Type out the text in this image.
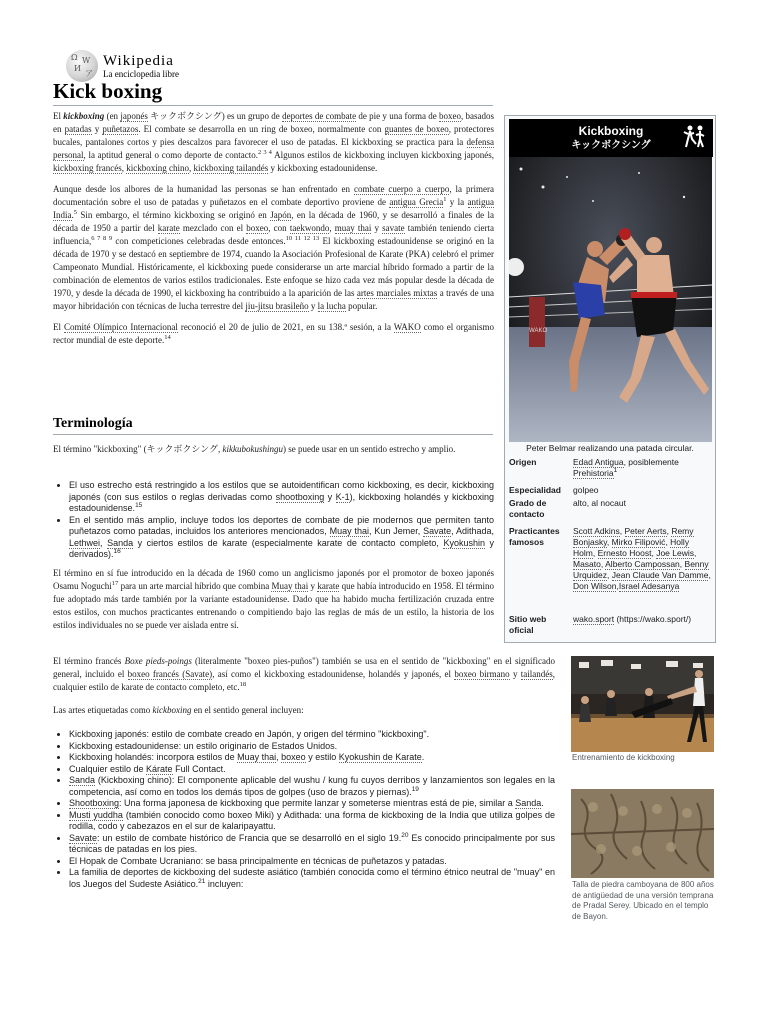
Ω W
И
ア
Wikipedia
La enciclopedia libre
Kick boxing

El kickboxing (en japonés キックボクシング) es un grupo de deportes de combate de pie y una forma de boxeo, basados en patadas y puñetazos. El combate se desarrolla en un ring de boxeo, normalmente con guantes de boxeo, protectores bucales, pantalones cortos y pies descalzos para favorecer el uso de patadas. El kickboxing se practica para la defensa personal, la aptitud general o como deporte de contacto.$^{2 3 4}$ Algunos estilos de kickboxing incluyen kickboxing japonés, kickboxing francés, kickboxing chino, kickboxing tailandés y kickboxing estadounidense.

Aunque desde los albores de la humanidad las personas se han enfrentado en combate cuerpo a cuerpo, la primera documentación sobre el uso de patadas y puñetazos en el combate deportivo proviene de antigua Grecia$^1$ y la antigua India.$^5$ Sin embargo, el término kickboxing se originó en Japón, en la década de 1960, y se desarrolló a finales de la década de 1950 a partir del karate mezclado con el boxeo, con taekwondo, muay thai y savate también teniendo cierta influencia,$^{6 7 8 9}$ con competiciones celebradas desde entonces.$^{10 11 12 13}$ El kickboxing estadounidense se originó en la década de 1970 y se destacó en septiembre de 1974, cuando la Asociación Profesional de Karate (PKA) celebró el primer Campeonato Mundial. Históricamente, el kickboxing puede considerarse un arte marcial híbrido formado a partir de la combinación de elementos de varios estilos tradicionales. Este enfoque se hizo cada vez más popular desde la década de 1970, y desde la década de 1990, el kickboxing ha contribuido a la aparición de las artes marciales mixtas a través de una mayor hibridación con técnicas de lucha terrestre del jiu-jitsu brasileño y la lucha popular.

El Comité Olímpico Internacional reconoció el 20 de julio de 2021, en su 138.ª sesión, a la WAKO como el organismo rector mundial de este deporte.$^{14}$

Kickboxing
キックボクシング
WAKO
Peter Belmar realizando una patada circular.
Origen	Edad Antigua, posiblemente Prehistoria$^1$
Especialidad	golpeo
Grado de contacto
alto, al nocaut
Practicantes famosos
Scott Adkins, Peter Aerts, Remy Bonjasky, Mirko Filipović, Holly Holm, Ernesto Hoost, Joe Lewis, Masato, Alberto Campossan, Benny Urquidez, Jean Claude Van Damme, Don Wilson,Israel Adesanya
Sitio web oficial
wako.sport (https://wako.sport/)
Terminología
El término "kickboxing" (キックボクシング, kikkubokushingu) se puede usar en un sentido estrecho y amplio.
• El uso estrecho está restringido a los estilos que se autoidentifican como kickboxing, es decir, kickboxing japonés (con sus estilos o reglas derivadas como shootboxing y K-1), kickboxing holandés y kickboxing estadounidense.$^{15}$
• En el sentido más amplio, incluye todos los deportes de combate de pie modernos que permiten tanto puñetazos como patadas, incluidos los anteriores mencionados, Muay thai, Kun Jemer, Savate, Adithada, Lethwei, Sanda y ciertos estilos de karate (especialmente karate de contacto completo, Kyokushin y derivados).$^{16}$
El término en sí fue introducido en la década de 1960 como un anglicismo japonés por el promotor de boxeo japonés Osamu Noguchi$^{17}$ para un arte marcial híbrido que combina Muay thai y karate que había introducido en 1958. El término fue adoptado más tarde también por la variante estadounidense. Dado que ha habido mucha fertilización cruzada entre estos estilos, con muchos practicantes entrenando o compitiendo bajo las reglas de más de un estilo, la historia de los estilos individuales no se puede ver aislada entre sí.
El término francés Boxe pieds-poings (literalmente "boxeo pies-puños") también se usa en el sentido de "kickboxing" en el significado general, incluido el boxeo francés (Savate), así como el kickboxing estadounidense, holandés y japonés, el boxeo birmano y tailandés, cualquier estilo de karate de contacto completo, etc.$^{18}$
Las artes etiquetadas como kickboxing en el sentido general incluyen:
• Kickboxing japonés: estilo de combate creado en Japón, y origen del término "kickboxing".
• Kickboxing estadounidense: un estilo originario de Estados Unidos.
• Kickboxing holandés: incorpora estilos de Muay thai, boxeo y estilo Kyokushin de Karate.
• Cualquier estilo de Kárate Full Contact.
• Sanda (Kickboxing chino): El componente aplicable del wushu / kung fu cuyos derribos y lanzamientos son legales en la competencia, así como en todos los demás tipos de golpes (uso de brazos y piernas).$^{19}$
• Shootboxing: Una forma japonesa de kickboxing que permite lanzar y someterse mientras está de pie, similar a Sanda.
• Musti yuddha (también conocido como boxeo Miki) y Adithada: una forma de kickboxing de la India que utiliza golpes de rodilla, codo y cabezazos en el sur de kalaripayattu.
• Savate: un estilo de combate histórico de Francia que se desarrolló en el siglo 19.20 Es conocido principalmente por sus técnicas de patadas en los pies.
• El Hopak de Combate Ucraniano: se basa principalmente en técnicas de puñetazos y patadas.
• La familia de deportes de kickboxing del sudeste asiático (también conocida como el término étnico neutral de "muay" en los Juegos del Sudeste Asiático.$^{21}$ incluyen:
Entrenamiento de kickboxing
Talla de piedra camboyana de 800 años de antigüedad de una versión temprana de Pradal Serey. Ubicado en el templo de Bayon.
